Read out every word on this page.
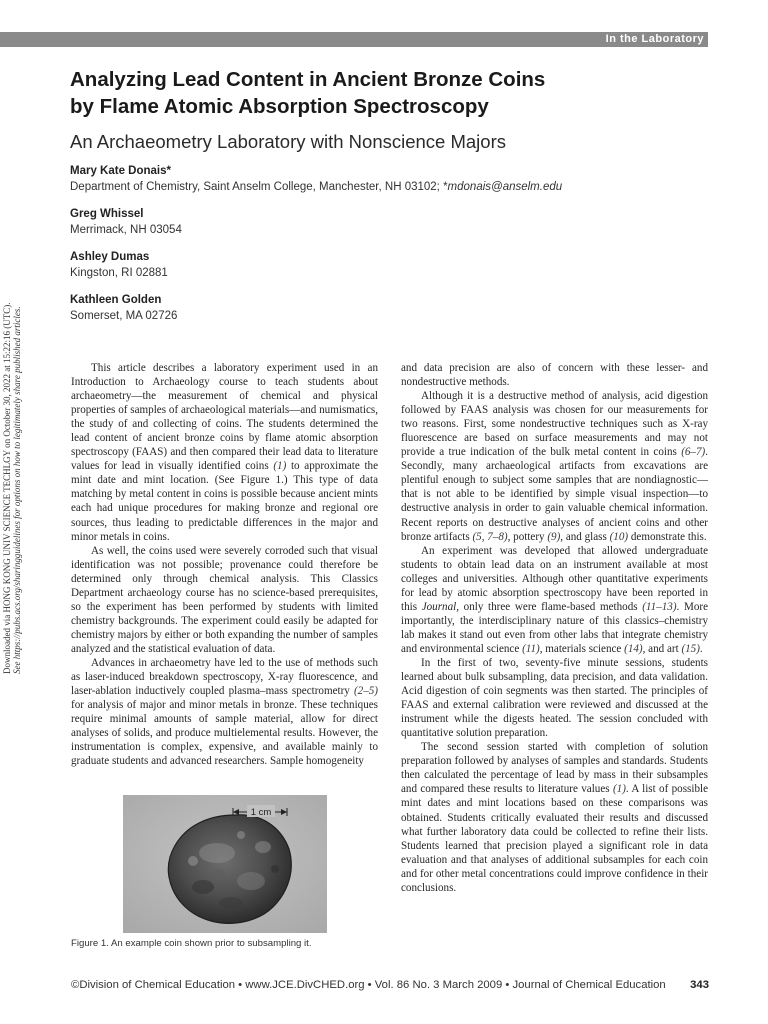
In the Laboratory
Analyzing Lead Content in Ancient Bronze Coins
by Flame Atomic Absorption Spectroscopy
An Archaeometry Laboratory with Nonscience Majors
Mary Kate Donais*
Department of Chemistry, Saint Anselm College, Manchester, NH 03102; *mdonais@anselm.edu
Greg Whissel
Merrimack, NH 03054
Ashley Dumas
Kingston, RI 02881
Kathleen Golden
Somerset, MA 02726
Downloaded via HONG KONG UNIV SCIENCE TECHLGY on October 30, 2022 at 15:22:16 (UTC). See https://pubs.acs.org/sharingguidelines for options on how to legitimately share published articles.	This article describes a laboratory experiment used in an Introduction to Archaeology course to teach students about archaeometry—the measurement of chemical and physical properties of samples of archaeological materials—and numismatics, the study of and collecting of coins. The students determined the lead content of ancient bronze coins by flame atomic absorption spectroscopy (FAAS) and then compared their lead data to literature values for lead in visually identified coins (1) to approximate the mint date and mint location. (See Figure 1.) This type of data matching by metal content in coins is possible because ancient mints each had unique procedures for making bronze and regional ore sources, thus leading to predictable differences in the major and minor metals in coins.

As well, the coins used were severely corroded such that visual identification was not possible; provenance could therefore be determined only through chemical analysis. This Classics Department archaeology course has no science-based prerequisites, so the experiment has been performed by students with limited chemistry backgrounds. The experiment could easily be adapted for chemistry majors by either or both expanding the number of samples analyzed and the statistical evaluation of data.

Advances in archaeometry have led to the use of methods such as laser-induced breakdown spectroscopy, X-ray fluorescence, and laser-ablation inductively coupled plasma–mass spectrometry (2–5) for analysis of major and minor metals in bronze. These techniques require minimal amounts of sample material, allow for direct analyses of solids, and produce multielemental results. However, the instrumentation is complex, expensive, and available mainly to graduate students and advanced researchers. Sample homogeneity

and data precision are also of concern with these lesser- and nondestructive methods.

Although it is a destructive method of analysis, acid digestion followed by FAAS analysis was chosen for our measurements for two reasons. First, some nondestructive techniques such as X-ray fluorescence are based on surface measurements and may not provide a true indication of the bulk metal content in coins (6–7). Secondly, many archaeological artifacts from excavations are plentiful enough to subject some samples that are nondiagnostic—that is not able to be identified by simple visual inspection—to destructive analysis in order to gain valuable chemical information. Recent reports on destructive analyses of ancient coins and other bronze artifacts (5, 7–8), pottery (9), and glass (10) demonstrate this.

An experiment was developed that allowed undergraduate students to obtain lead data on an instrument available at most colleges and universities. Although other quantitative experiments for lead by atomic absorption spectroscopy have been reported in this Journal, only three were flame-based methods (11–13). More importantly, the interdisciplinary nature of this classics–chemistry lab makes it stand out even from other labs that integrate chemistry and environmental science (11), materials science (14), and art (15).

In the first of two, seventy-five minute sessions, students learned about bulk subsampling, data precision, and data validation. Acid digestion of coin segments was then started. The principles of FAAS and external calibration were reviewed and discussed at the instrument while the digests heated. The session concluded with quantitative solution preparation.

The second session started with completion of solution preparation followed by analyses of samples and standards. Students then calculated the percentage of lead by mass in their subsamples and compared these results to literature values (1). A list of possible mint dates and mint locations based on these comparisons was obtained. Students critically evaluated their results and discussed what further laboratory data could be collected to refine their lists. Students learned that precision played a significant role in data evaluation and that analyses of additional subsamples for each coin and for other metal concentrations could improve confidence in their conclusions.

1 cm
Figure 1. An example coin shown prior to subsampling it.
©Division of Chemical Education • www.JCE.DivCHED.org • Vol. 86 No. 3 March 2009 • Journal of Chemical Education 343
